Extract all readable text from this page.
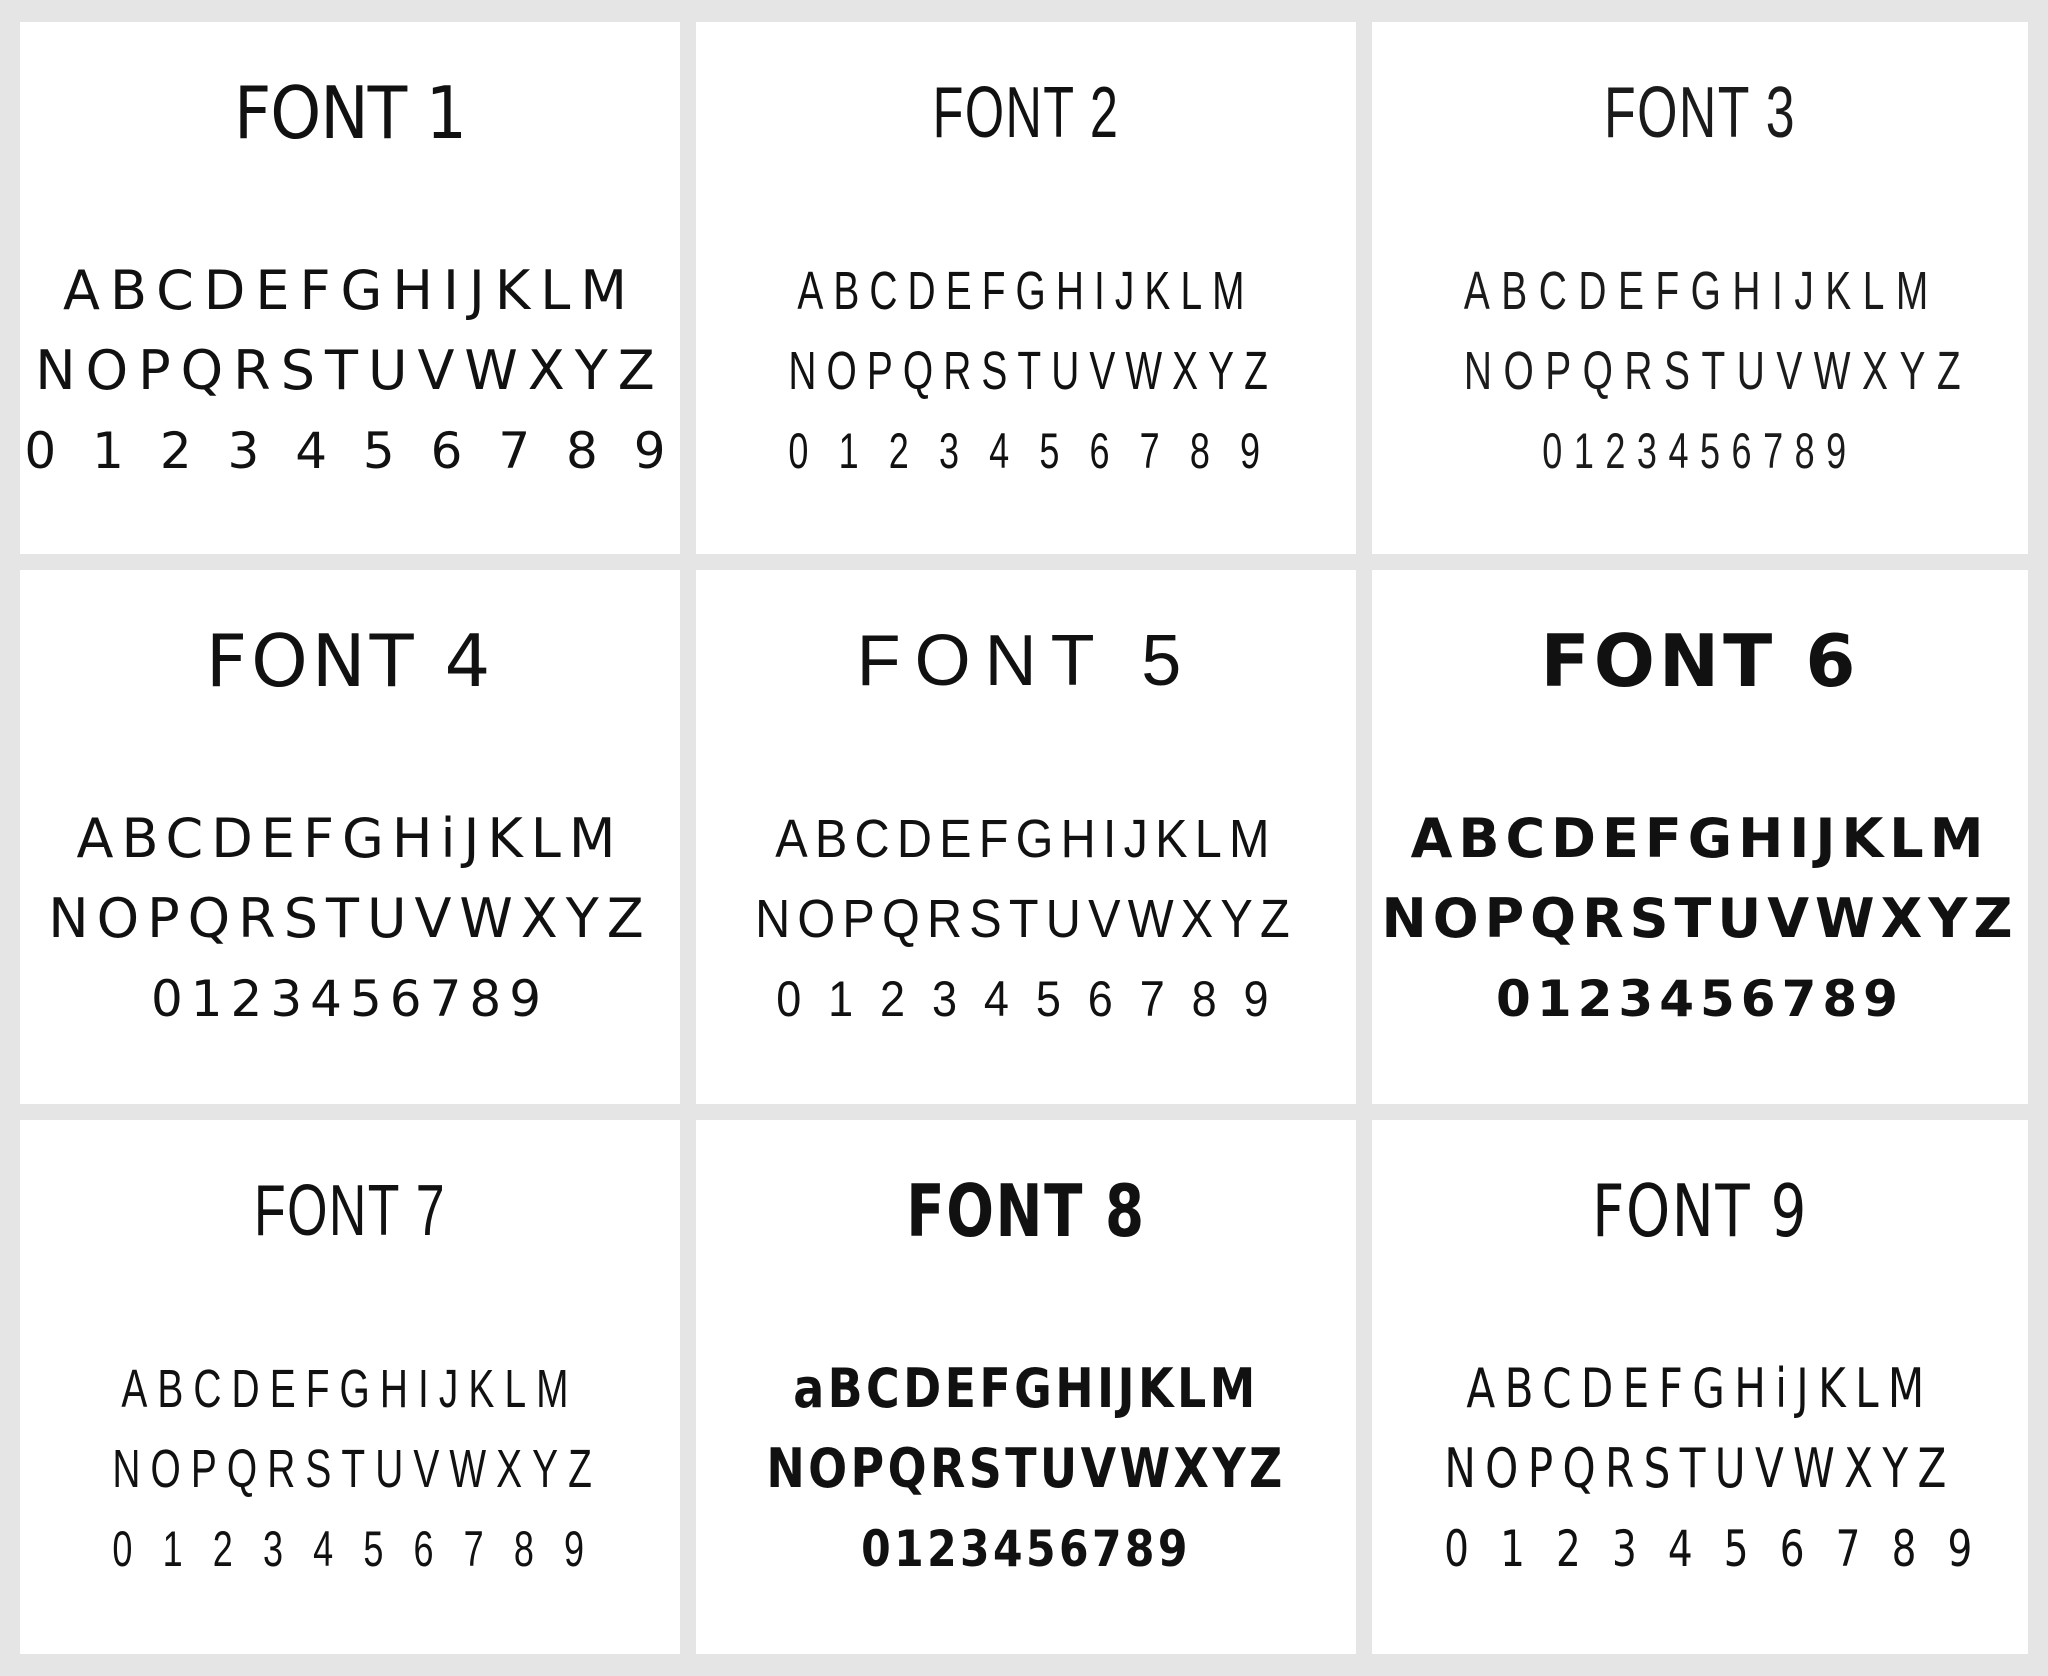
FONT 1
ABCDEFGHIJKLM
NOPQRSTUVWXYZ
0 1 2 3 4 5 6 7 8 9
FONT 2
ABCDEFGHIJKLM
NOPQRSTUVWXYZ
0 1 2 3 4 5 6 7 8 9
FONT 3
ABCDEFGHIJKLM
NOPQRSTUVWXYZ
0123456789
FONT 4
ABCDEFGHiJKLM
NOPQRSTUVWXYZ
0123456789
FONT 5
ABCDEFGHIJKLM
NOPQRSTUVWXYZ
0 1 2 3 4 5 6 7 8 9
FONT 6
ABCDEFGHIJKLM
NOPQRSTUVWXYZ
0123456789
FONT 7
ABCDEFGHIJKLM
NOPQRSTUVWXYZ
0 1 2 3 4 5 6 7 8 9
FONT 8
aBCDEFGHIJKLM
NOPQRSTUVWXYZ
0123456789
FONT 9
ABCDEFGHiJKLM
NOPQRSTUVWXYZ
0 1 2 3 4 5 6 7 8 9
